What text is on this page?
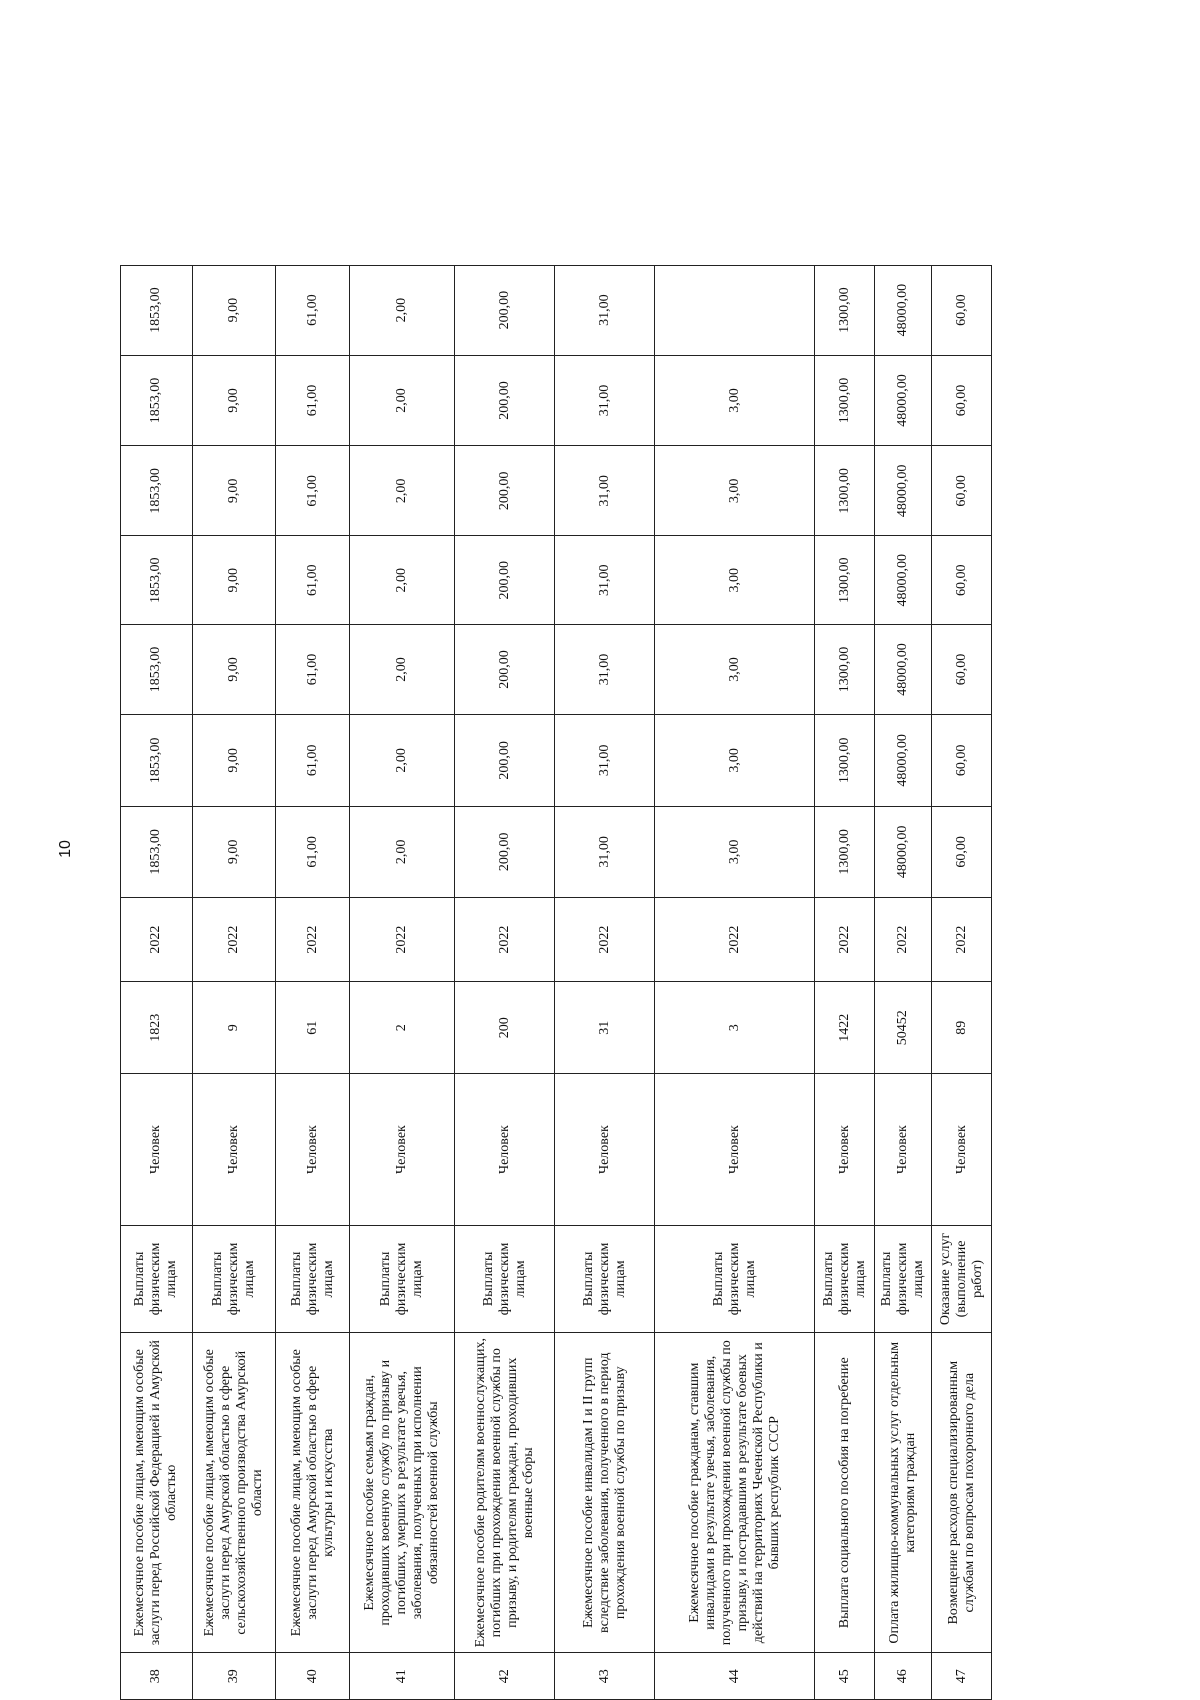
10
38	Ежемесячное пособие лицам, имеющим особые заслуги перед Российской Федерацией и Амурской областью	Выплаты физическим лицам	Человек	1823	2022	1853,00	1853,00	1853,00	1853,00	1853,00	1853,00	1853,00
39	Ежемесячное пособие лицам, имеющим особые заслуги перед Амурской областью в сфере сельскохозяйственного производства Амурской области	Выплаты физическим лицам	Человек	9	2022	9,00	9,00	9,00	9,00	9,00	9,00	9,00
40	Ежемесячное пособие лицам, имеющим особые заслуги перед Амурской областью в сфере культуры и искусства	Выплаты физическим лицам	Человек	61	2022	61,00	61,00	61,00	61,00	61,00	61,00	61,00
41	Ежемесячное пособие семьям граждан, проходивших военную службу по призыву и погибших, умерших в результате увечья, заболевания, полученных при исполнении обязанностей военной службы	Выплаты физическим лицам	Человек	2	2022	2,00	2,00	2,00	2,00	2,00	2,00	2,00
42	Ежемесячное пособие родителям военнослужащих, погибших при прохождении военной службы по призыву, и родителям граждан, проходивших военные сборы	Выплаты физическим лицам	Человек	200	2022	200,00	200,00	200,00	200,00	200,00	200,00	200,00
43	Ежемесячное пособие инвалидам I и II групп вследствие заболевания, полученного в период прохождения военной службы по призыву	Выплаты физическим лицам	Человек	31	2022	31,00	31,00	31,00	31,00	31,00	31,00	31,00
44	Ежемесячное пособие гражданам, ставшим инвалидами в результате увечья, заболевания, полученного при прохождении военной службы по призыву, и пострадавшим в результате боевых действий на территориях Чеченской Республики и бывших республик СССР	Выплаты физическим лицам	Человек	3	2022	3,00	3,00	3,00	3,00	3,00	3,00	
45	Выплата социального пособия на погребение	Выплаты физическим лицам	Человек	1422	2022	1300,00	1300,00	1300,00	1300,00	1300,00	1300,00	1300,00
46	Оплата жилищно-коммунальных услуг отдельным категориям граждан	Выплаты физическим лицам	Человек	50452	2022	48000,00	48000,00	48000,00	48000,00	48000,00	48000,00	48000,00
47	Возмещение расходов специализированным службам по вопросам похоронного дела	Оказание услуг (выполнение работ)	Человек	89	2022	60,00	60,00	60,00	60,00	60,00	60,00	60,00
